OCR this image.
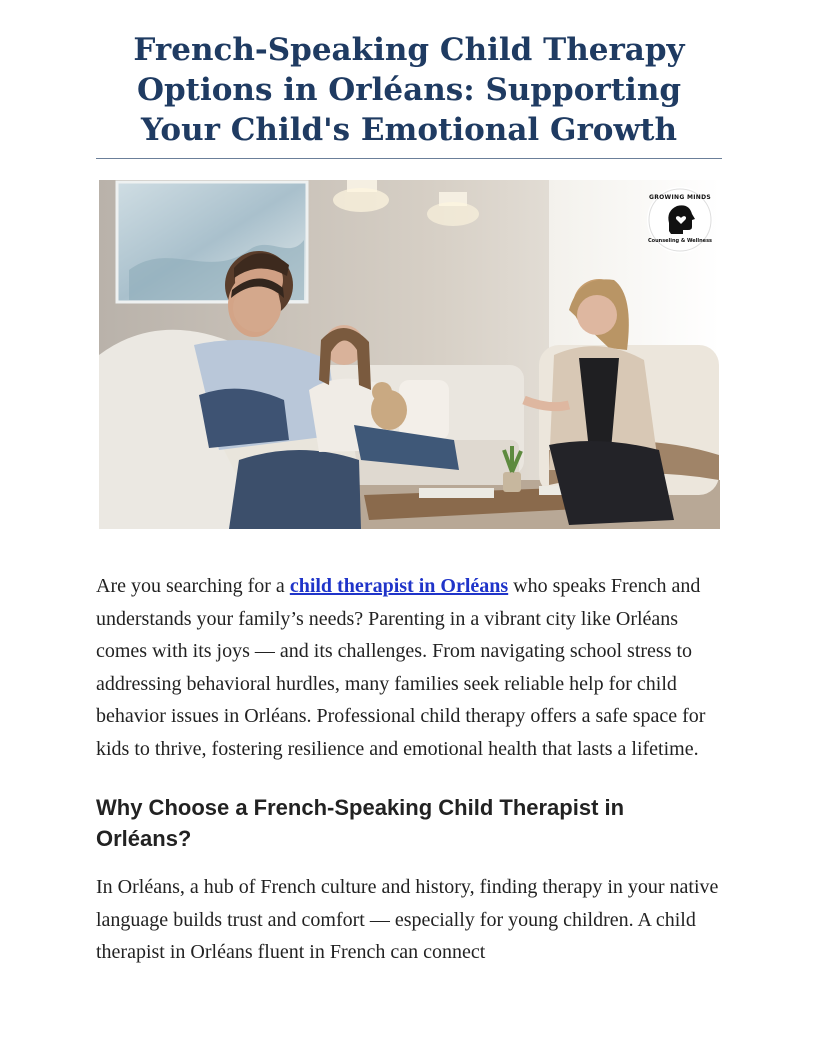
French-Speaking Child Therapy Options in Orléans: Supporting Your Child's Emotional Growth
GROWING MINDS
Counseling & Wellness

Are you searching for a child therapist in Orléans who speaks French and understands your family’s needs? Parenting in a vibrant city like Orléans comes with its joys — and its challenges. From navigating school stress to addressing behavioral hurdles, many families seek reliable help for child behavior issues in Orléans. Professional child therapy offers a safe space for kids to thrive, fostering resilience and emotional health that lasts a lifetime.

Why Choose a French-Speaking Child Therapist in Orléans?

In Orléans, a hub of French culture and history, finding therapy in your native language builds trust and comfort — especially for young children. A child therapist in Orléans fluent in French can connect
